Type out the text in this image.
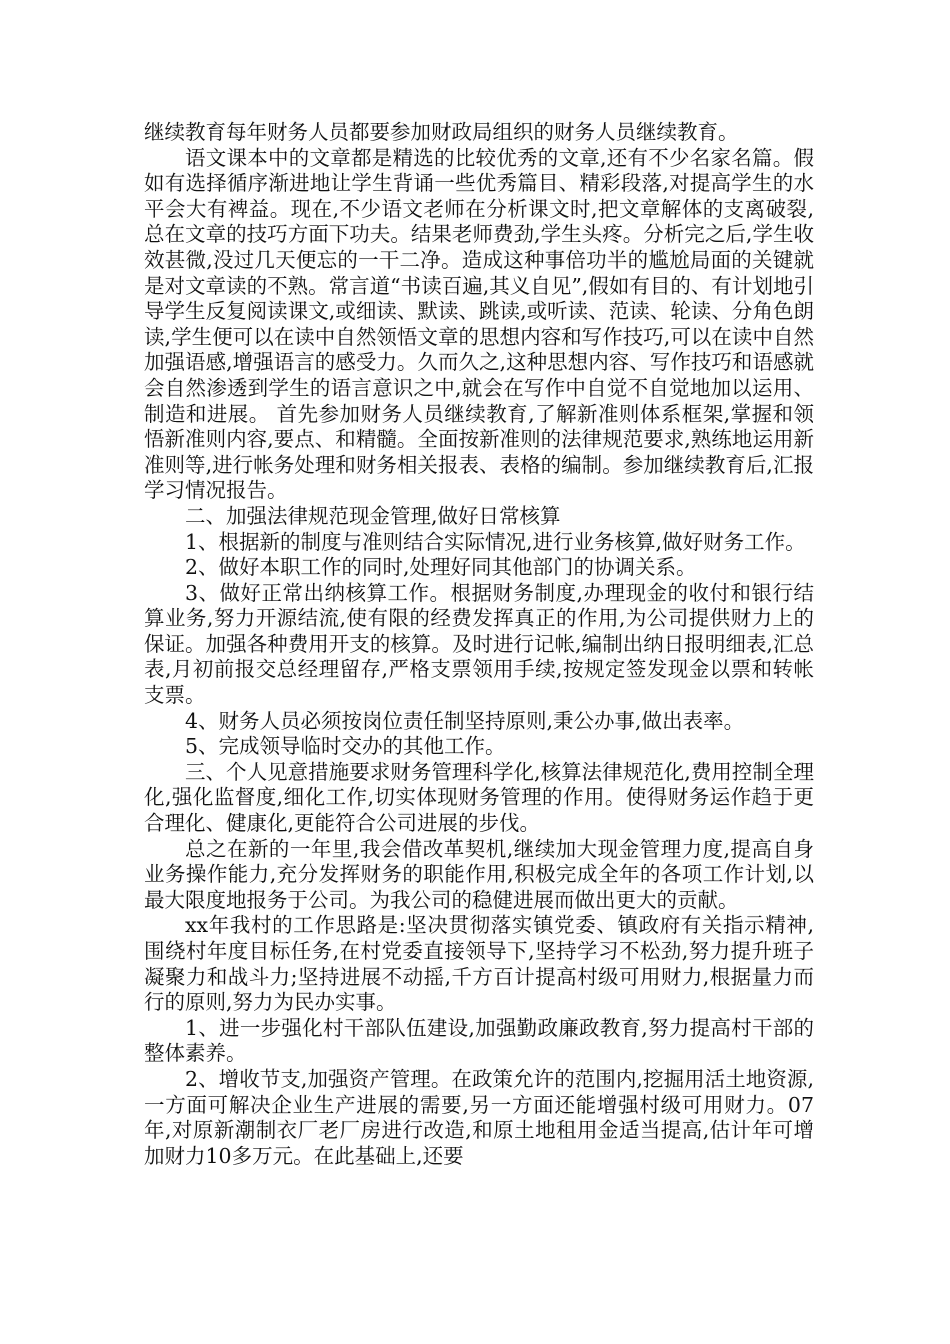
继续教育每年财务人员都要参加财政局组织的财务人员继续教育。

语文课本中的文章都是精选的比较优秀的文章,还有不少名家名篇。假如有选择循序渐进地让学生背诵一些优秀篇目、精彩段落,对提高学生的水平会大有裨益。现在,不少语文老师在分析课文时,把文章解体的支离破裂,总在文章的技巧方面下功夫。结果老师费劲,学生头疼。分析完之后,学生收效甚微,没过几天便忘的一干二净。造成这种事倍功半的尴尬局面的关键就是对文章读的不熟。常言道“书读百遍,其义自见”,假如有目的、有计划地引导学生反复阅读课文,或细读、默读、跳读,或听读、范读、轮读、分角色朗读,学生便可以在读中自然领悟文章的思想内容和写作技巧,可以在读中自然加强语感,增强语言的感受力。久而久之,这种思想内容、写作技巧和语感就会自然渗透到学生的语言意识之中,就会在写作中自觉不自觉地加以运用、制造和进展。 首先参加财务人员继续教育,了解新准则体系框架,掌握和领悟新准则内容,要点、和精髓。全面按新准则的法律规范要求,熟练地运用新准则等,进行帐务处理和财务相关报表、表格的编制。参加继续教育后,汇报学习情况报告。

二、加强法律规范现金管理,做好日常核算

1、根据新的制度与准则结合实际情况,进行业务核算,做好财务工作。

2、做好本职工作的同时,处理好同其他部门的协调关系。

3、做好正常出纳核算工作。根据财务制度,办理现金的收付和银行结算业务,努力开源结流,使有限的经费发挥真正的作用,为公司提供财力上的保证。加强各种费用开支的核算。及时进行记帐,编制出纳日报明细表,汇总表,月初前报交总经理留存,严格支票领用手续,按规定签发现金以票和转帐支票。

4、财务人员必须按岗位责任制坚持原则,秉公办事,做出表率。

5、完成领导临时交办的其他工作。

三、个人见意措施要求财务管理科学化,核算法律规范化,费用控制全理化,强化监督度,细化工作,切实体现财务管理的作用。使得财务运作趋于更合理化、健康化,更能符合公司进展的步伐。

总之在新的一年里,我会借改革契机,继续加大现金管理力度,提高自身业务操作能力,充分发挥财务的职能作用,积极完成全年的各项工作计划,以最大限度地报务于公司。为我公司的稳健进展而做出更大的贡献。

xx年我村的工作思路是:坚决贯彻落实镇党委、镇政府有关指示精神,围绕村年度目标任务,在村党委直接领导下,坚持学习不松劲,努力提升班子凝聚力和战斗力;坚持进展不动摇,千方百计提高村级可用财力,根据量力而行的原则,努力为民办实事。

1、进一步强化村干部队伍建设,加强勤政廉政教育,努力提高村干部的整体素养。

2、增收节支,加强资产管理。在政策允许的范围内,挖掘用活土地资源,一方面可解决企业生产进展的需要,另一方面还能增强村级可用财力。07年,对原新潮制衣厂老厂房进行改造,和原土地租用金适当提高,估计年可增加财力10多万元。在此基础上,还要
